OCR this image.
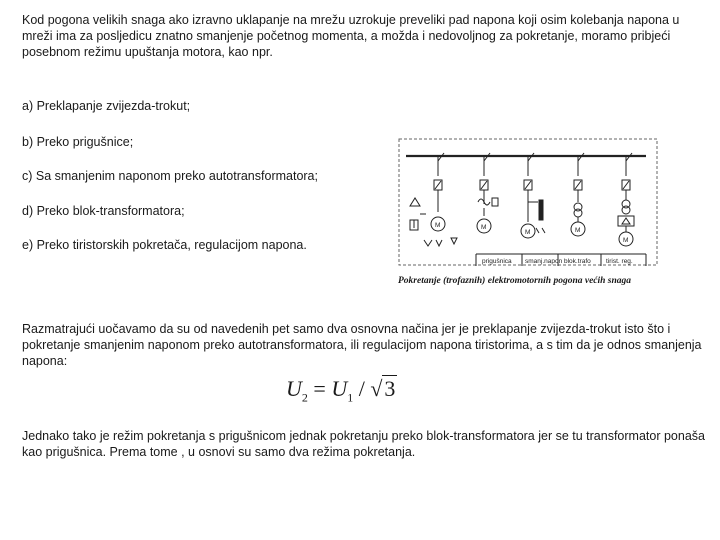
Kod pogona velikih snaga ako izravno uklapanje na mrežu uzrokuje preveliki pad napona koji osim kolebanja napona u mreži ima za posljedicu znatno smanjenje početnog momenta, a možda i nedovoljnog za pokretanje, moramo pribjeći posebnom režimu upuštanja motora, kao npr.

a) Preklapanje zvijezda-trokut;
b) Preko prigušnice;
c) Sa smanjenim naponom preko autotransformatora;
d) Preko blok-transformatora;
e) Preko tiristorskih pokretača, regulacijom napona.
M	M
M	M
M
prigušnica smanj.napon blok.trafo tirist. reg.
Pokretanje (trofaznih) elektromotornih pogona većih snaga

Razmatrajući uočavamo da su od navedenih pet samo dva osnovna načina jer je preklapanje zvijezda-trokut isto što i pokretanje smanjenim naponom preko autotransformatora, ili regulacijom napona tiristorima, a s tim da je odnos smanjenja napona:

$U_2 = U_1 / √3$

Jednako tako je režim pokretanja s prigušnicom jednak pokretanju preko blok-transformatora jer se tu transformator ponaša kao prigušnica. Prema tome , u osnovi su samo dva režima pokretanja.
